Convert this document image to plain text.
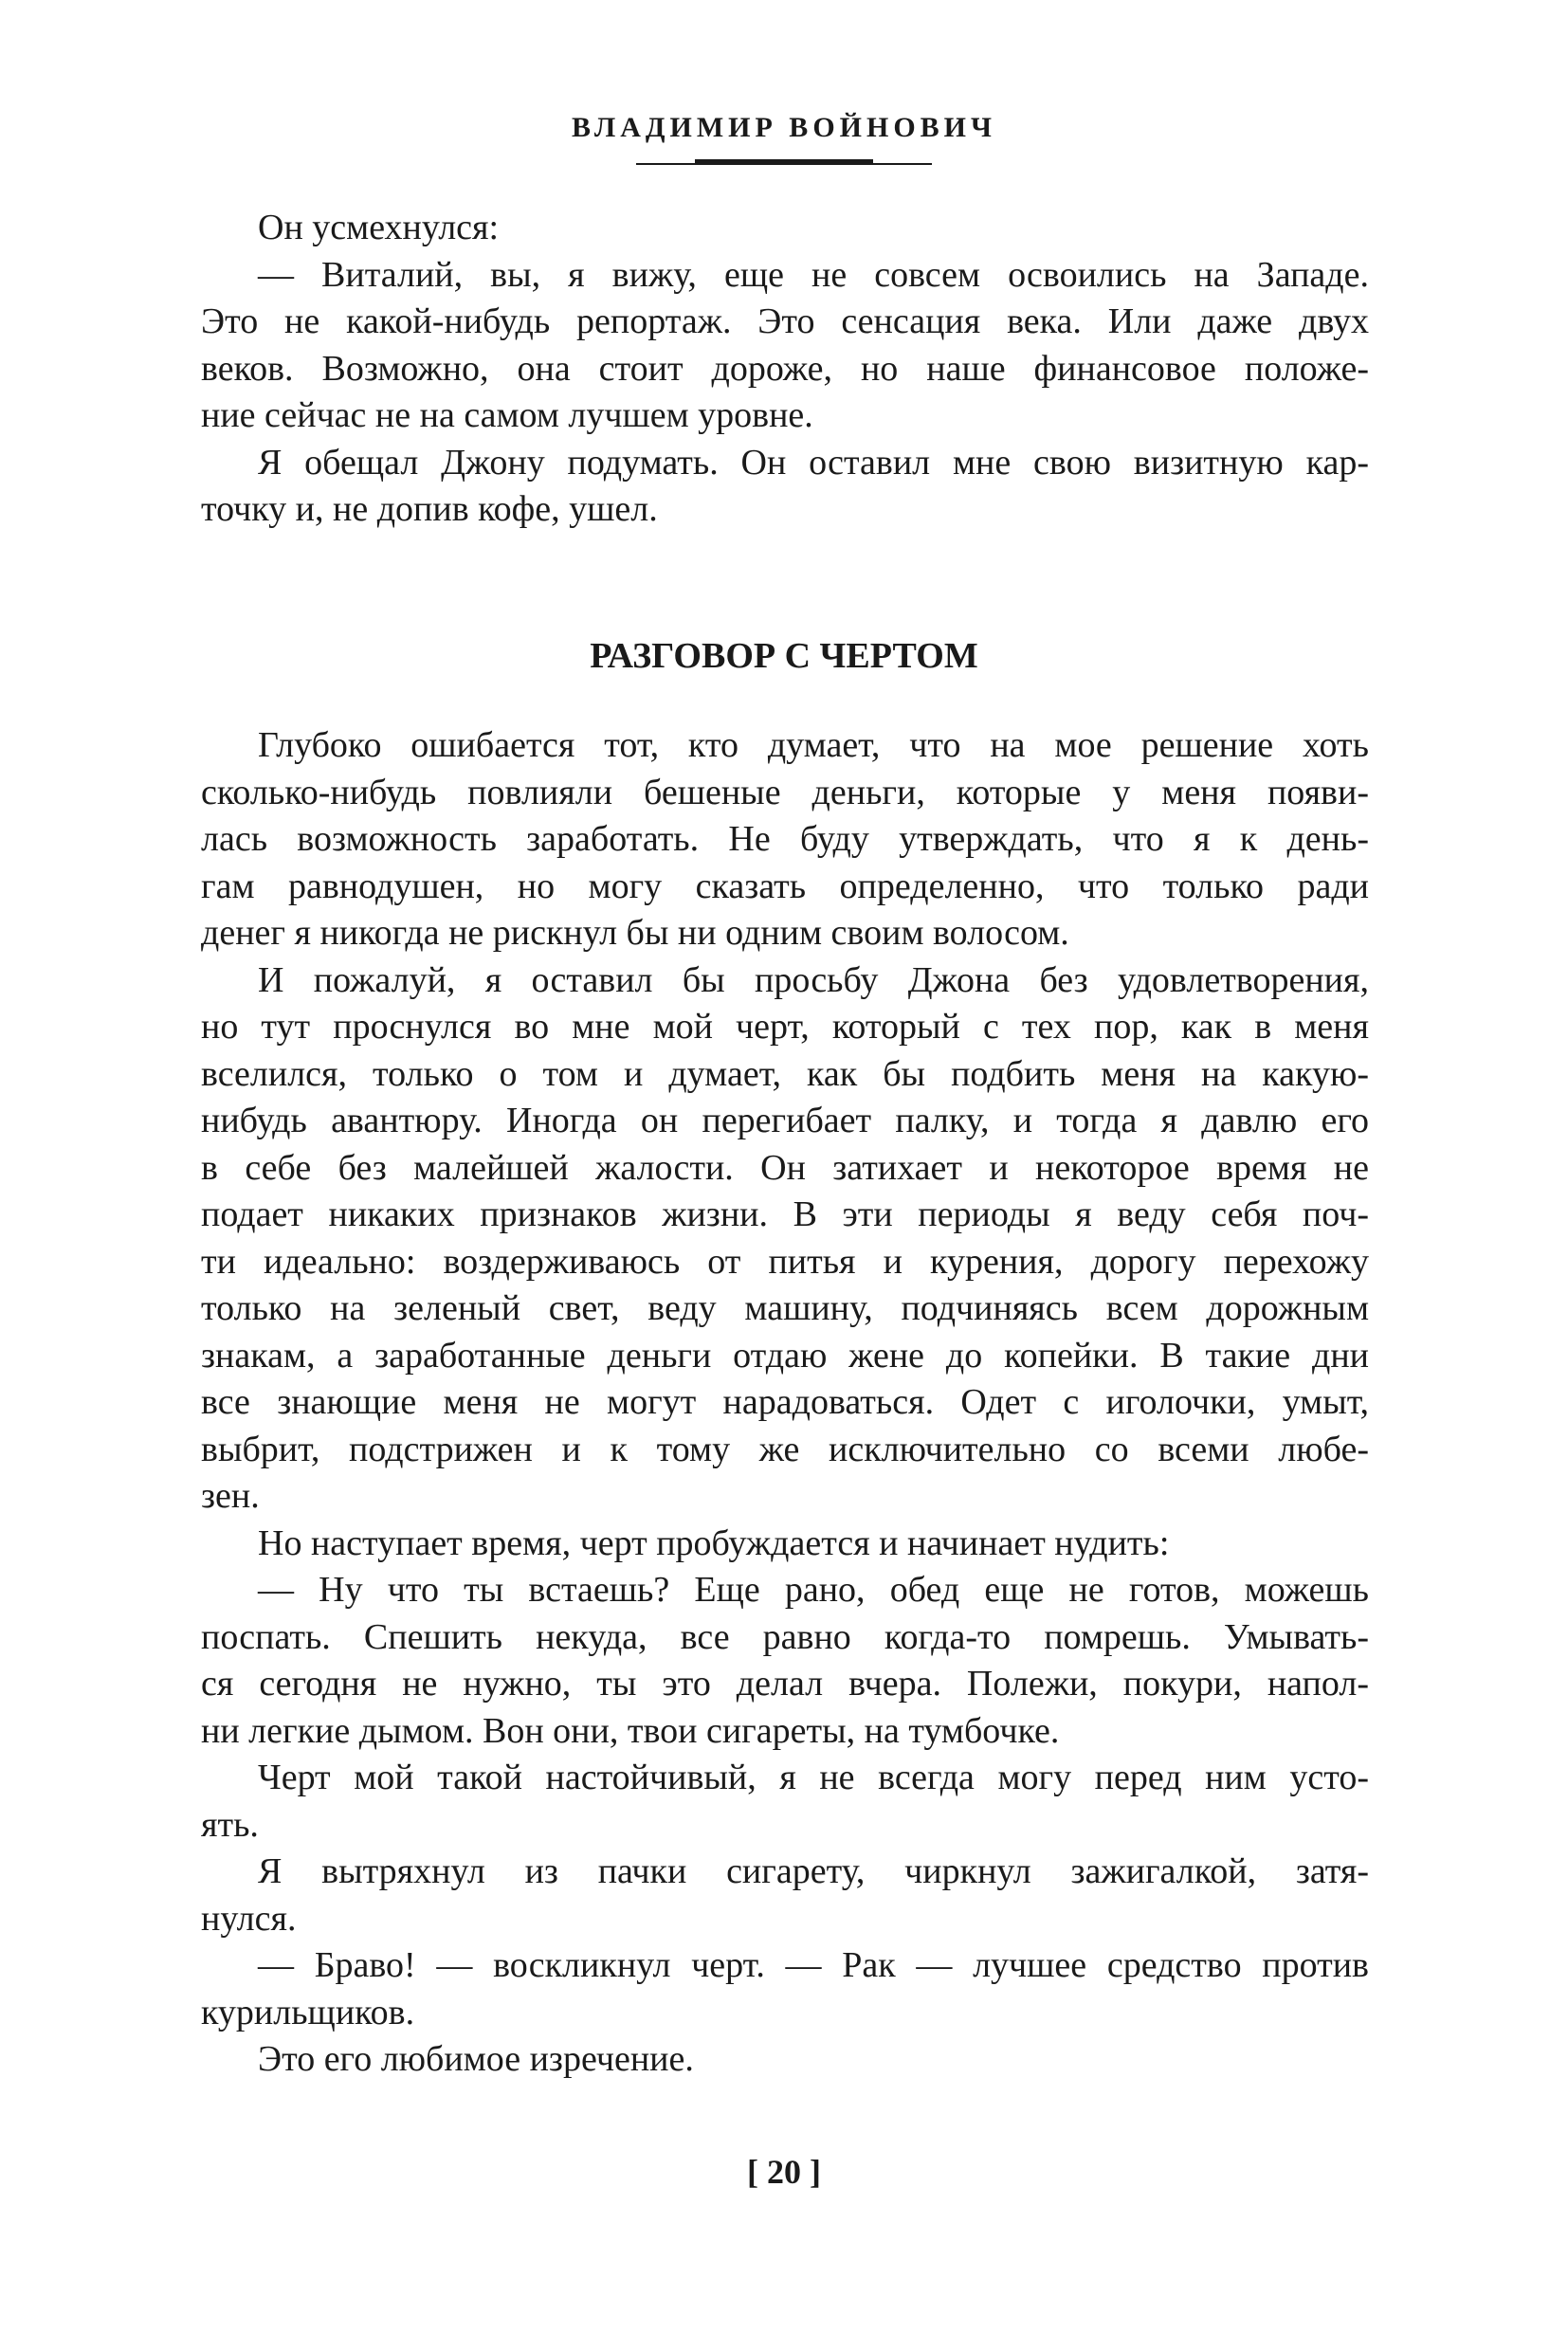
ВЛАДИМИР ВОЙНОВИЧ
Он усмехнулся:
— Виталий, вы, я вижу, еще не совсем освоились на Западе.
Это не какой-нибудь репортаж. Это сенсация века. Или даже двух
веков. Возможно, она стоит дороже, но наше финансовое положе-
ние сейчас не на самом лучшем уровне.
Я обещал Джону подумать. Он оставил мне свою визитную кар-
точку и, не допив кофе, ушел.
РАЗГОВОР С ЧЕРТОМ
Глубоко ошибается тот, кто думает, что на мое решение хоть
сколько-нибудь повлияли бешеные деньги, которые у меня появи-
лась возможность заработать. Не буду утверждать, что я к день-
гам равнодушен, но могу сказать определенно, что только ради
денег я никогда не рискнул бы ни одним своим волосом.
И пожалуй, я оставил бы просьбу Джона без удовлетворения,
но тут проснулся во мне мой черт, который с тех пор, как в меня
вселился, только о том и думает, как бы подбить меня на какую-
нибудь авантюру. Иногда он перегибает палку, и тогда я давлю его
в себе без малейшей жалости. Он затихает и некоторое время не
подает никаких признаков жизни. В эти периоды я веду себя поч-
ти идеально: воздерживаюсь от питья и курения, дорогу перехожу
только на зеленый свет, веду машину, подчиняясь всем дорожным
знакам, а заработанные деньги отдаю жене до копейки. В такие дни
все знающие меня не могут нарадоваться. Одет с иголочки, умыт,
выбрит, подстрижен и к тому же исключительно со всеми любе-
зен.
Но наступает время, черт пробуждается и начинает нудить:
— Ну что ты встаешь? Еще рано, обед еще не готов, можешь
поспать. Спешить некуда, все равно когда-то помрешь. Умывать-
ся сегодня не нужно, ты это делал вчера. Полежи, покури, напол-
ни легкие дымом. Вон они, твои сигареты, на тумбочке.
Черт мой такой настойчивый, я не всегда могу перед ним усто-
ять.
Я вытряхнул из пачки сигарету, чиркнул зажигалкой, затя-
нулся.
— Браво! — воскликнул черт. — Рак — лучшее средство против
курильщиков.
Это его любимое изречение.
[ 20 ]
